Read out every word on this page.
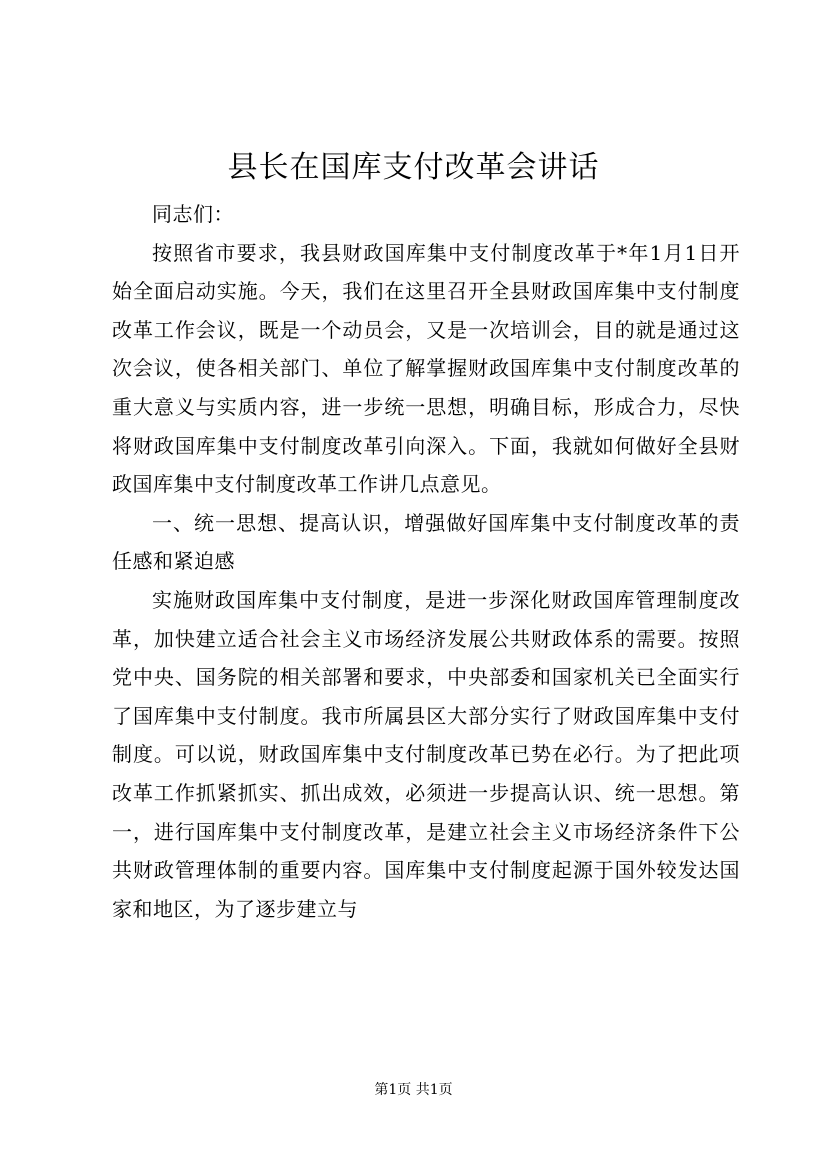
县长在国库支付改革会讲话

同志们：

按照省市要求，我县财政国库集中支付制度改革于*年1月1日开始全面启动实施。今天，我们在这里召开全县财政国库集中支付制度改革工作会议，既是一个动员会，又是一次培训会，目的就是通过这次会议，使各相关部门、单位了解掌握财政国库集中支付制度改革的重大意义与实质内容，进一步统一思想，明确目标，形成合力，尽快将财政国库集中支付制度改革引向深入。下面，我就如何做好全县财政国库集中支付制度改革工作讲几点意见。

一、统一思想、提高认识，增强做好国库集中支付制度改革的责任感和紧迫感

实施财政国库集中支付制度，是进一步深化财政国库管理制度改革，加快建立适合社会主义市场经济发展公共财政体系的需要。按照党中央、国务院的相关部署和要求，中央部委和国家机关已全面实行了国库集中支付制度。我市所属县区大部分实行了财政国库集中支付制度。可以说，财政国库集中支付制度改革已势在必行。为了把此项改革工作抓紧抓实、抓出成效，必须进一步提高认识、统一思想。第一，进行国库集中支付制度改革，是建立社会主义市场经济条件下公共财政管理体制的重要内容。国库集中支付制度起源于国外较发达国家和地区，为了逐步建立与

第1页 共1页
